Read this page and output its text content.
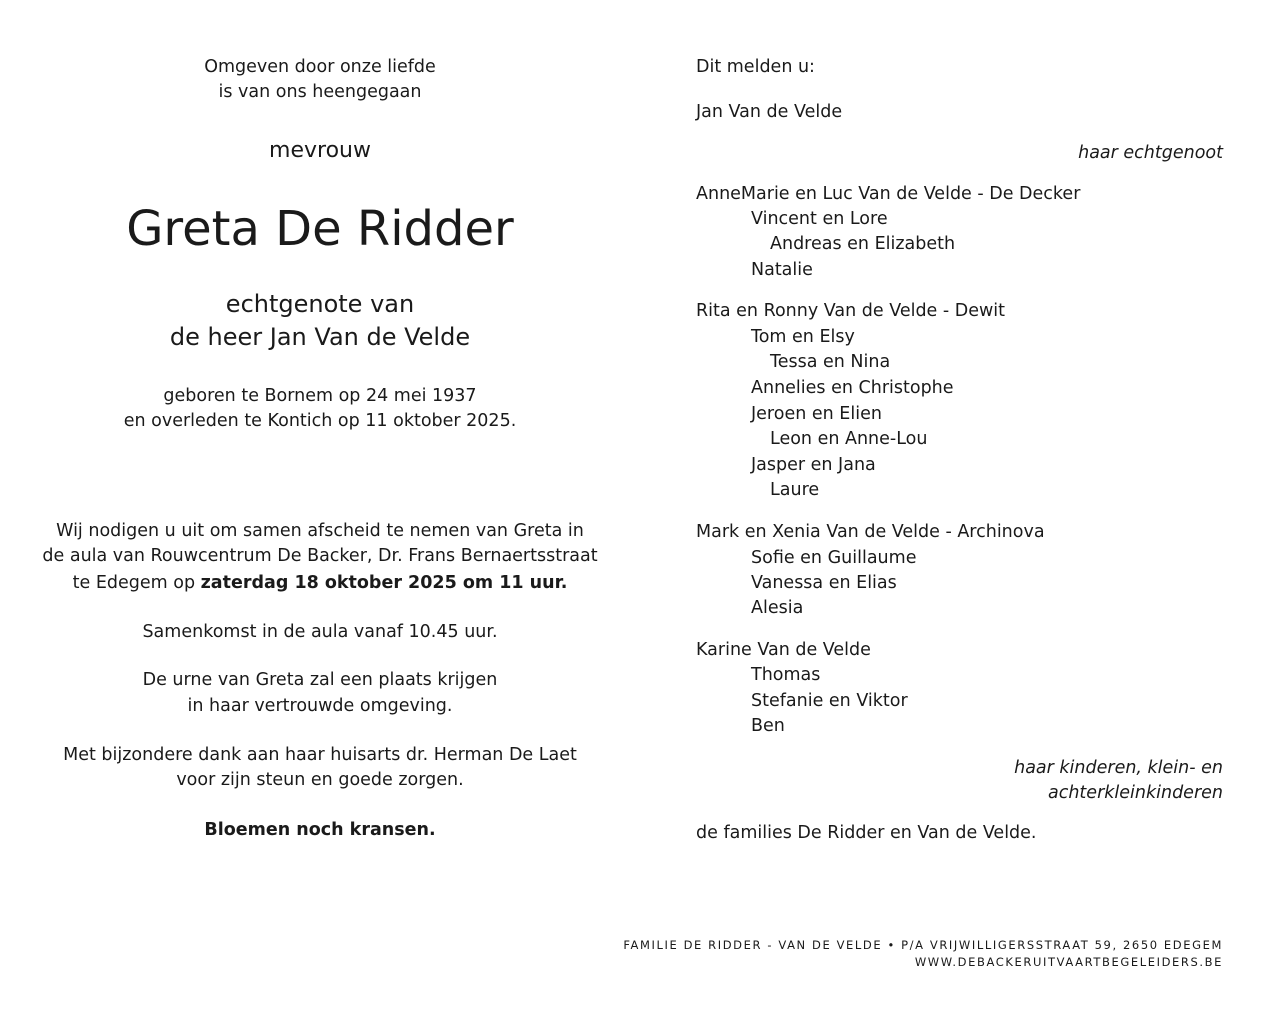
Omgeven door onze liefde
is van ons heengegaan
mevrouw
Greta De Ridder
echtgenote van
de heer Jan Van de Velde
geboren te Bornem op 24 mei 1937
en overleden te Kontich op 11 oktober 2025.
Wij nodigen u uit om samen afscheid te nemen van Greta in
de aula van Rouwcentrum De Backer, Dr. Frans Bernaertsstraat
te Edegem op zaterdag 18 oktober 2025 om 11 uur.
Samenkomst in de aula vanaf 10.45 uur.
De urne van Greta zal een plaats krijgen
in haar vertrouwde omgeving.
Met bijzondere dank aan haar huisarts dr. Herman De Laet
voor zijn steun en goede zorgen.
Bloemen noch kransen.
Dit melden u:
Jan Van de Velde
haar echtgenoot
AnneMarie en Luc Van de Velde - De Decker
Vincent en Lore
Andreas en Elizabeth
Natalie
Rita en Ronny Van de Velde - Dewit
Tom en Elsy
Tessa en Nina
Annelies en Christophe
Jeroen en Elien
Leon en Anne-Lou
Jasper en Jana
Laure
Mark en Xenia Van de Velde - Archinova
Sofie en Guillaume
Vanessa en Elias
Alesia
Karine Van de Velde
Thomas
Stefanie en Viktor
Ben
haar kinderen, klein- en
achterkleinkinderen
de families De Ridder en Van de Velde.
FAMILIE DE RIDDER - VAN DE VELDE • P/A VRIJWILLIGERSSTRAAT 59, 2650 EDEGEM
WWW.DEBACKERUITVAARTBEGELEIDERS.BE
